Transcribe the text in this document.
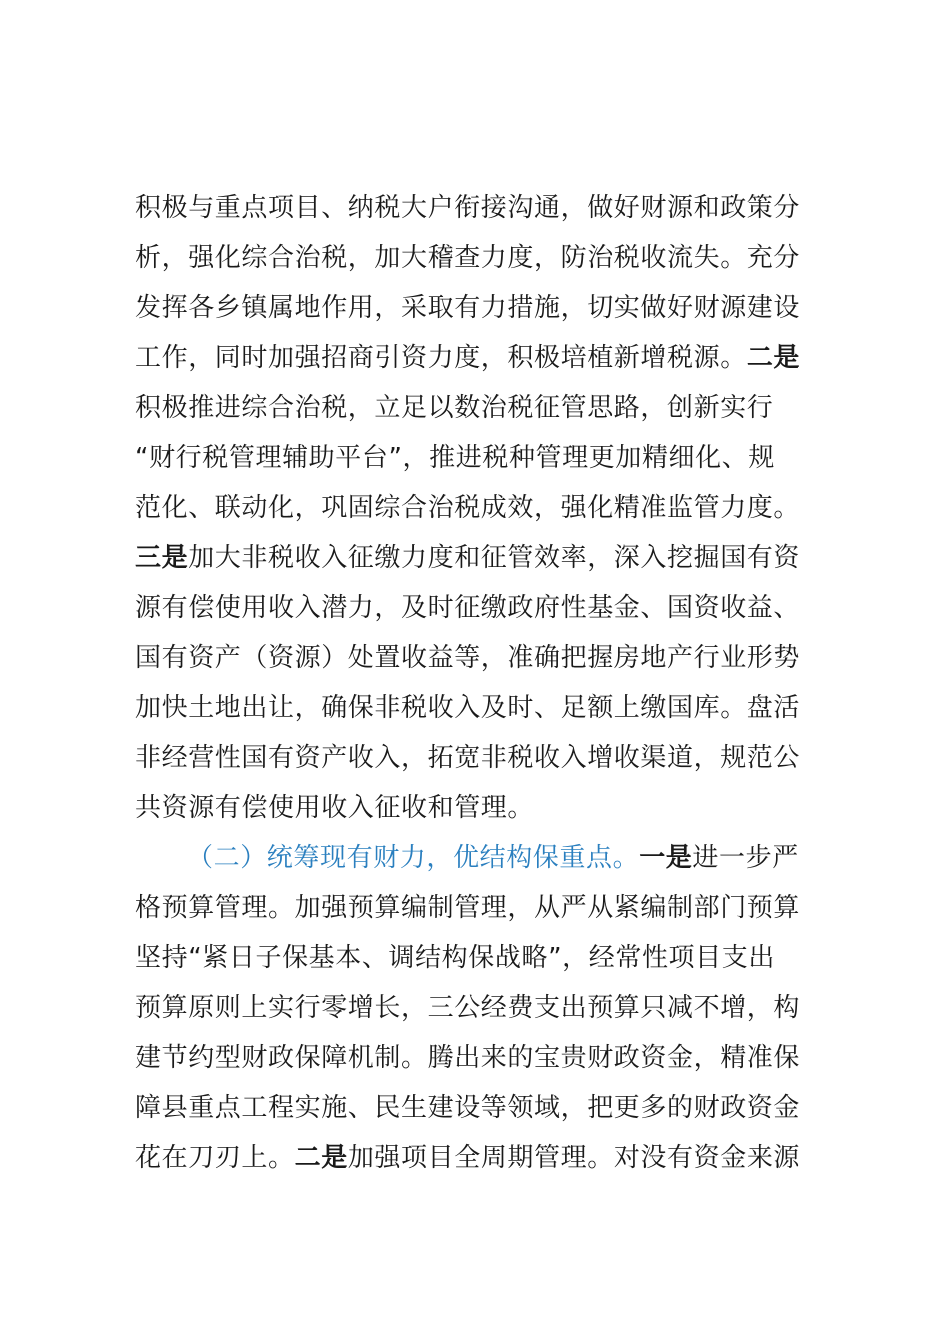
积极与重点项目、纳税大户衔接沟通，做好财源和政策分
析，强化综合治税，加大稽查力度，防治税收流失。充分
发挥各乡镇属地作用，采取有力措施，切实做好财源建设
工作，同时加强招商引资力度，积极培植新增税源。二是
积极推进综合治税，立足以数治税征管思路，创新实行
“财行税管理辅助平台”，推进税种管理更加精细化、规
范化、联动化，巩固综合治税成效，强化精准监管力度。
三是加大非税收入征缴力度和征管效率，深入挖掘国有资
源有偿使用收入潜力，及时征缴政府性基金、国资收益、
国有资产（资源）处置收益等，准确把握房地产行业形势
加快土地出让，确保非税收入及时、足额上缴国库。盘活
非经营性国有资产收入，拓宽非税收入增收渠道，规范公
共资源有偿使用收入征收和管理。
（二）统筹现有财力，优结构保重点。一是进一步严
格预算管理。加强预算编制管理，从严从紧编制部门预算
坚持“紧日子保基本、调结构保战略”，经常性项目支出
预算原则上实行零增长，三公经费支出预算只减不增，构
建节约型财政保障机制。腾出来的宝贵财政资金，精准保
障县重点工程实施、民生建设等领域，把更多的财政资金
花在刀刃上。二是加强项目全周期管理。对没有资金来源
